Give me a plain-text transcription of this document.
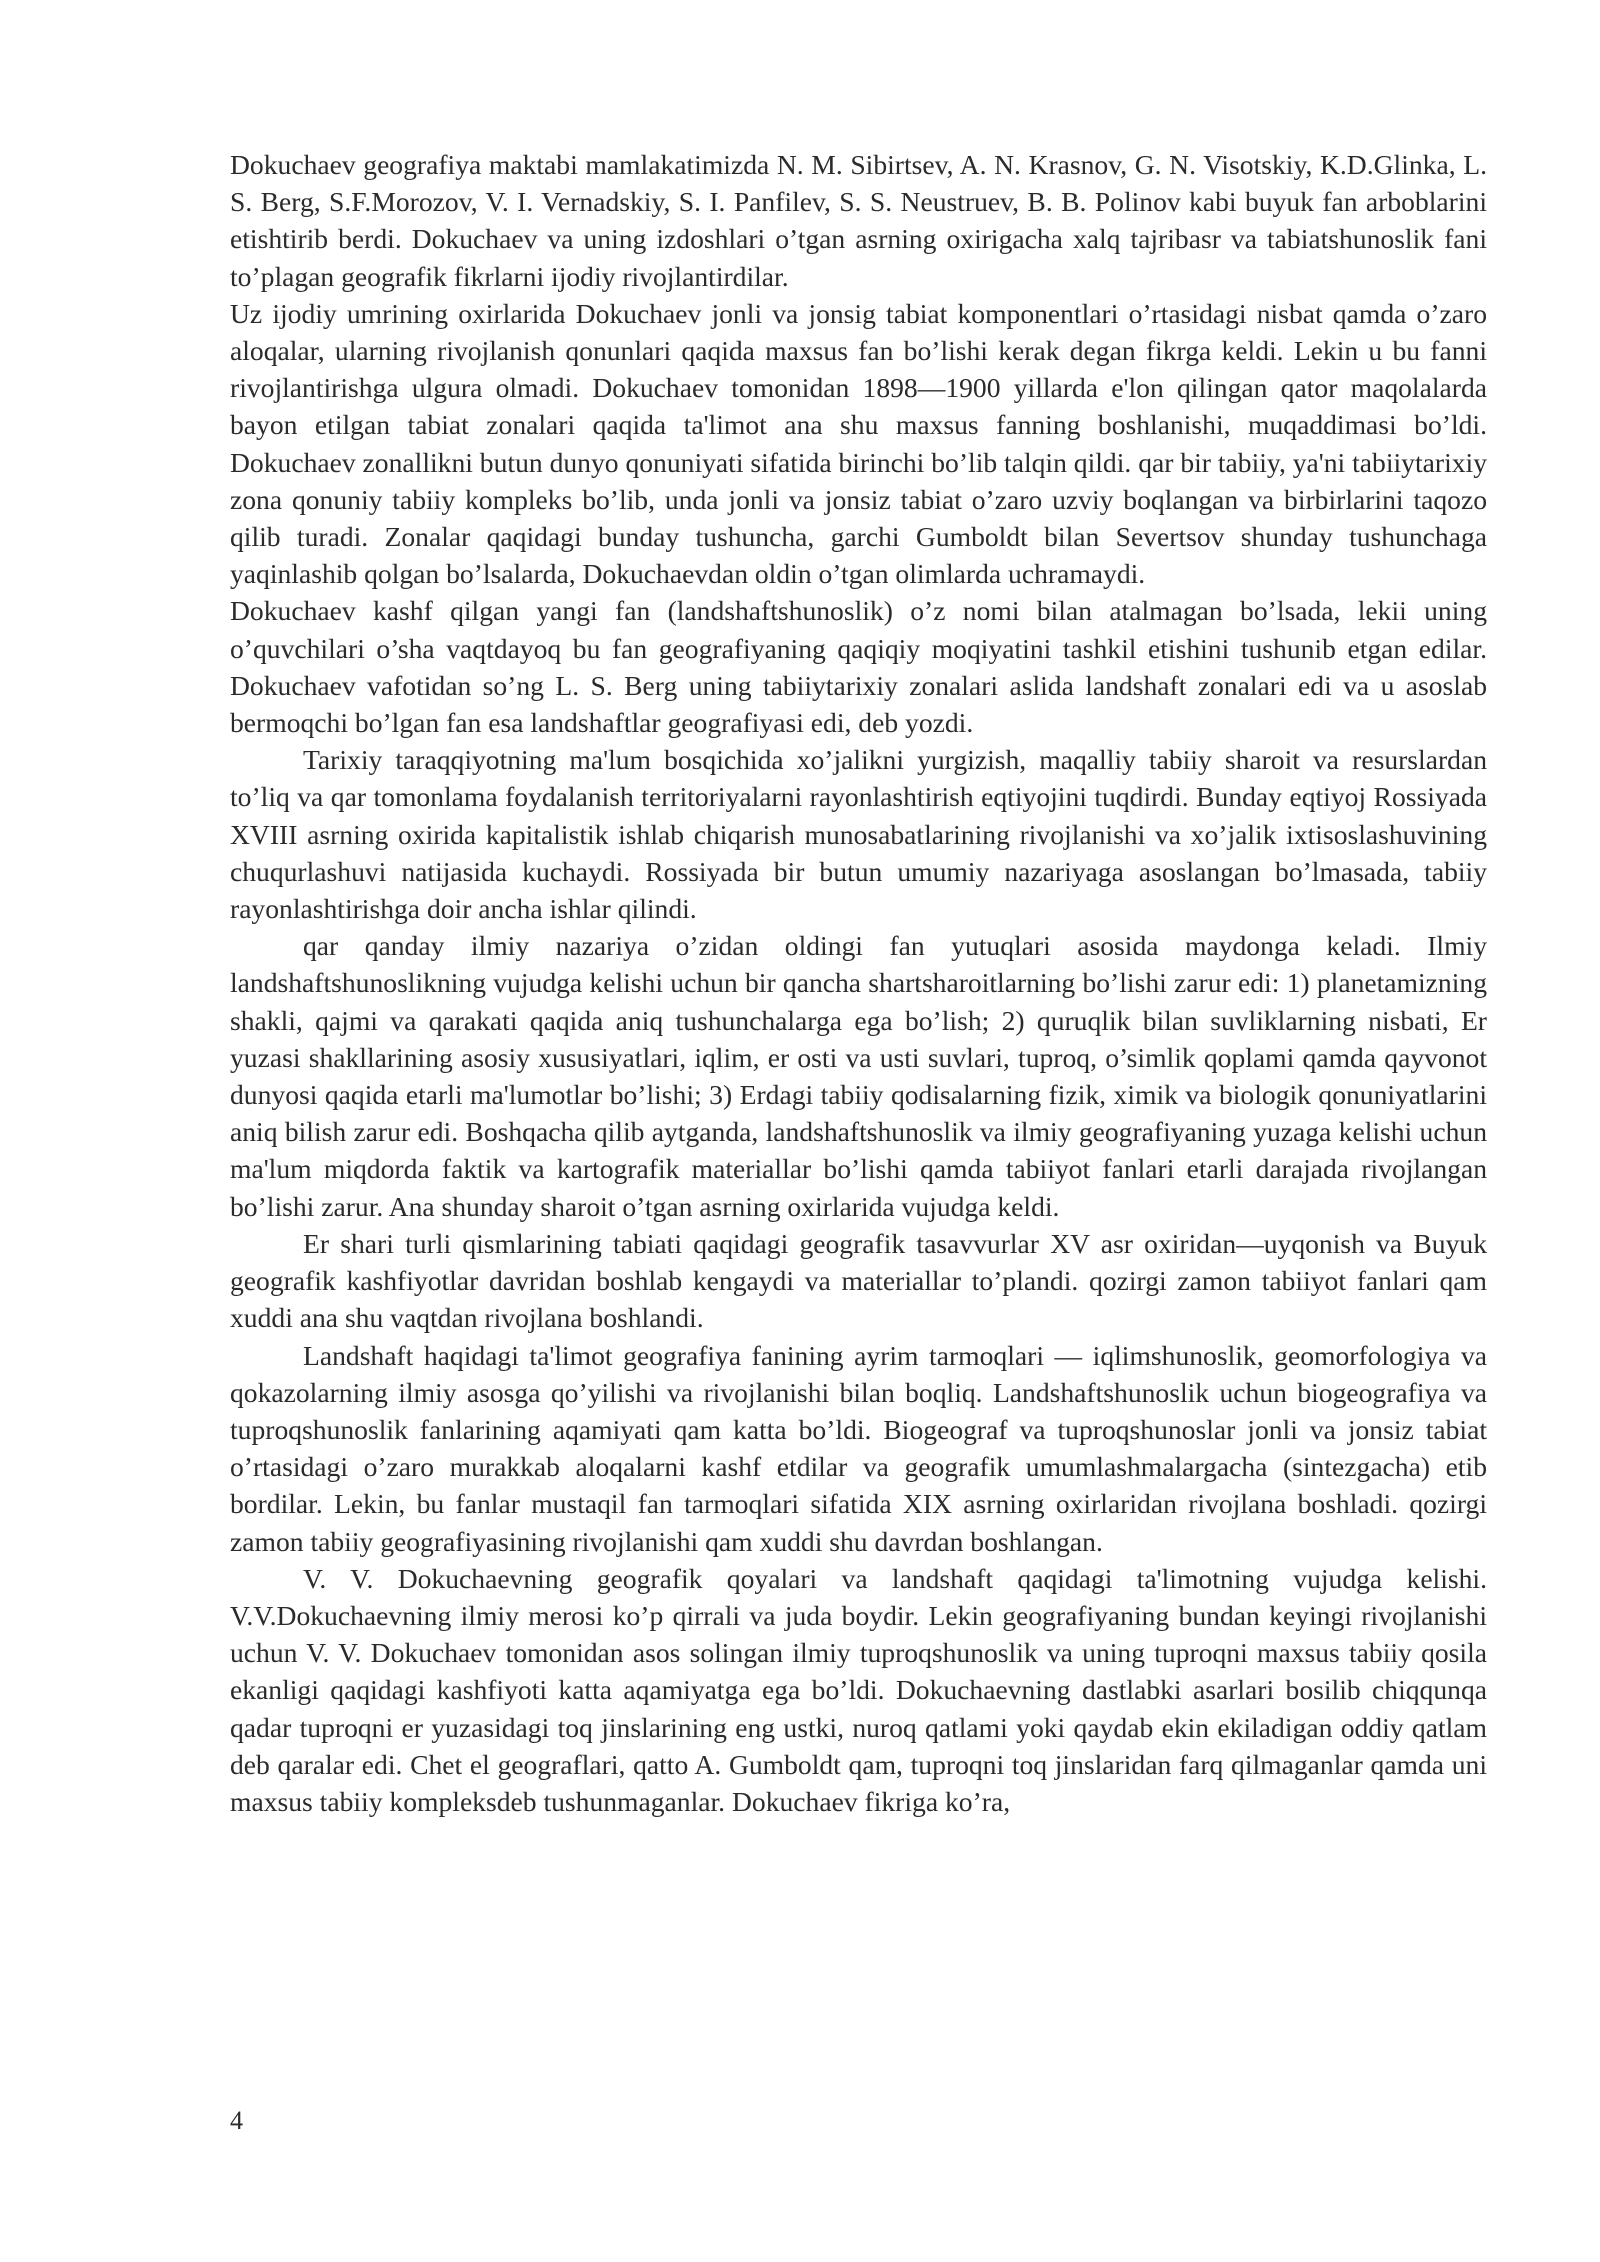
Dokuchaev geografiya maktabi mamlakatimizda N. M. Sibirtsev, A. N. Krasnov, G. N. Visotskiy, K.D.Glinka, L. S. Berg, S.F.Morozov, V. I. Vernadskiy, S. I. Panfilev, S. S. Neustruev, B. B. Polinov kabi buyuk fan arboblarini etishtirib berdi. Dokuchaev va uning izdoshlari o’tgan asrning oxirigacha xalq tajribasr va tabiatshunoslik fani to’plagan geografik fikrlarni ijodiy rivojlantirdilar.

Uz ijodiy umrining oxirlarida Dokuchaev jonli va jonsig tabiat komponentlari o’rtasidagi nisbat qamda o’zaro aloqalar, ularning rivojlanish qonunlari qaqida maxsus fan bo’lishi kerak degan fikrga keldi. Lekin u bu fanni rivojlantirishga ulgura olmadi. Dokuchaev tomonidan 1898—1900 yillarda e'lon qilingan qator maqolalarda bayon etilgan tabiat zonalari qaqida ta'limot ana shu maxsus fanning boshlanishi, muqaddimasi bo’ldi. Dokuchaev zonallikni butun dunyo qonuniyati sifatida birinchi bo’lib talqin qildi. qar bir tabiiy, ya'ni tabiiytarixiy zona qonuniy tabiiy kompleks bo’lib, unda jonli va jonsiz tabiat o’zaro uzviy boqlangan va birbirlarini taqozo qilib turadi. Zonalar qaqidagi bunday tushuncha, garchi Gumboldt bilan Severtsov shunday tushunchaga yaqinlashib qolgan bo’lsalarda, Dokuchaevdan oldin o’tgan olimlarda uchramaydi.

Dokuchaev kashf qilgan yangi fan (landshaftshunoslik) o’z nomi bilan atalmagan bo’lsada, lekii uning o’quvchilari o’sha vaqtdayoq bu fan geografiyaning qaqiqiy moqiyatini tashkil etishini tushunib etgan edilar. Dokuchaev vafotidan so’ng L. S. Berg uning tabiiytarixiy zonalari aslida landshaft zonalari edi va u asoslab bermoqchi bo’lgan fan esa landshaftlar geografiyasi edi, deb yozdi.

Tarixiy taraqqiyotning ma'lum bosqichida xo’jalikni yurgizish, maqalliy tabiiy sharoit va resurslardan to’liq va qar tomonlama foydalanish territoriyalarni rayonlashtirish eqtiyojini tuqdirdi. Bunday eqtiyoj Rossiyada XVIII asrning oxirida kapitalistik ishlab chiqarish munosabatlarining rivojlanishi va xo’jalik ixtisoslashuvining chuqurlashuvi natijasida kuchaydi. Rossiyada bir butun umumiy nazariyaga asoslangan bo’lmasada, tabiiy rayonlashtirishga doir ancha ishlar qilindi.

qar qanday ilmiy nazariya o’zidan oldingi fan yutuqlari asosida maydonga keladi. Ilmiy landshaftshunoslikning vujudga kelishi uchun bir qancha shartsharoitlarning bo’lishi zarur edi: 1) planetamizning shakli, qajmi va qarakati qaqida aniq tushunchalarga ega bo’lish; 2) quruqlik bilan suvliklarning nisbati, Er yuzasi shakllarining asosiy xususiyatlari, iqlim, er osti va usti suvlari, tuproq, o’simlik qoplami qamda qayvonot dunyosi qaqida etarli ma'lumotlar bo’lishi; 3) Erdagi tabiiy qodisalarning fizik, ximik va biologik qonuniyatlarini aniq bilish zarur edi. Boshqacha qilib aytganda, landshaftshunoslik va ilmiy geografiyaning yuzaga kelishi uchun ma'lum miqdorda faktik va kartografik materiallar bo’lishi qamda tabiiyot fanlari etarli darajada rivojlangan bo’lishi zarur. Ana shunday sharoit o’tgan asrning oxirlarida vujudga keldi.

Er shari turli qismlarining tabiati qaqidagi geografik tasavvurlar XV asr oxiridan—uyqonish va Buyuk geografik kashfiyotlar davridan boshlab kengaydi va materiallar to’plandi. qozirgi zamon tabiiyot fanlari qam xuddi ana shu vaqtdan rivojlana boshlandi.

Landshaft haqidagi ta'limot geografiya fanining ayrim tarmoqlari — iqlimshunoslik, geomorfologiya va qokazolarning ilmiy asosga qo’yilishi va rivojlanishi bilan boqliq. Landshaftshunoslik uchun biogeografiya va tuproqshunoslik fanlarining aqamiyati qam katta bo’ldi. Biogeograf va tuproqshunoslar jonli va jonsiz tabiat o’rtasidagi o’zaro murakkab aloqalarni kashf etdilar va geografik umumlashmalargacha (sintezgacha) etib bordilar. Lekin, bu fanlar mustaqil fan tarmoqlari sifatida XIX asrning oxirlaridan rivojlana boshladi. qozirgi zamon tabiiy geografiyasining rivojlanishi qam xuddi shu davrdan boshlangan.

V. V. Dokuchaevning geografik qoyalari va landshaft qaqidagi ta'limotning vujudga kelishi. V.V.Dokuchaevning ilmiy merosi ko’p qirrali va juda boydir. Lekin geografiyaning bundan keyingi rivojlanishi uchun V. V. Dokuchaev tomonidan asos solingan ilmiy tuproqshunoslik va uning tuproqni maxsus tabiiy qosila ekanligi qaqidagi kashfiyoti katta aqamiyatga ega bo’ldi. Dokuchaevning dastlabki asarlari bosilib chiqqunqa qadar tuproqni er yuzasidagi toq jinslarining eng ustki, nuroq qatlami yoki qaydab ekin ekiladigan oddiy qatlam deb qaralar edi. Chet el geograflari, qatto A. Gumboldt qam, tuproqni toq jinslaridan farq qilmaganlar qamda uni maxsus tabiiy kompleksdeb tushunmaganlar. Dokuchaev fikriga ko’ra,

4
